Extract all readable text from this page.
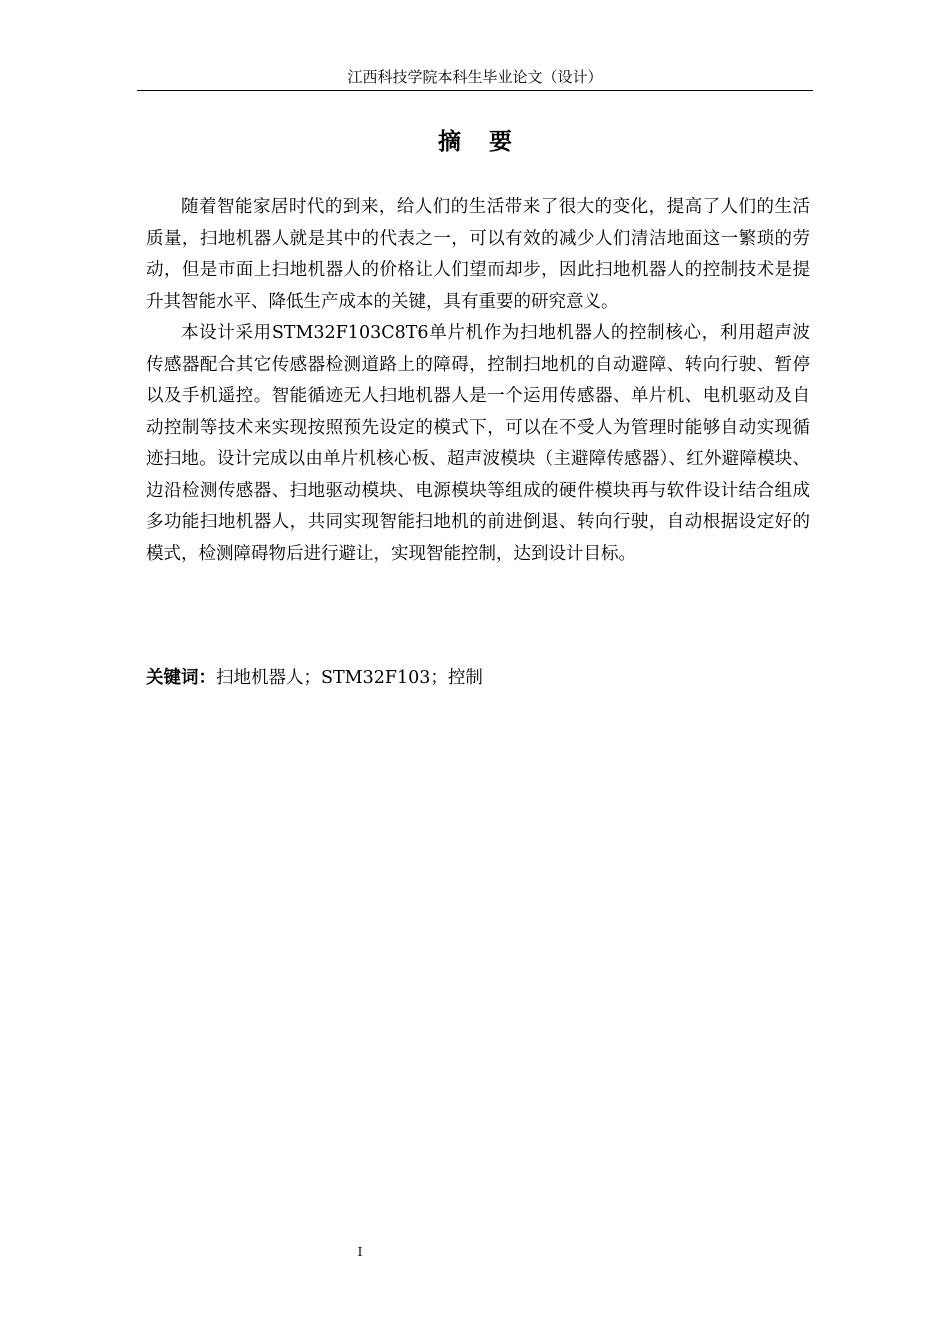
江西科技学院本科生毕业论文（设计）
摘要

随着智能家居时代的到来，给人们的生活带来了很大的变化，提高了人们的生活质量，扫地机器人就是其中的代表之一，可以有效的减少人们清洁地面这一繁琐的劳动，但是市面上扫地机器人的价格让人们望而却步，因此扫地机器人的控制技术是提升其智能水平、降低生产成本的关键，具有重要的研究意义。

本设计采用STM32F103C8T6单片机作为扫地机器人的控制核心，利用超声波传感器配合其它传感器检测道路上的障碍，控制扫地机的自动避障、转向行驶、暂停以及手机遥控。智能循迹无人扫地机器人是一个运用传感器、单片机、电机驱动及自动控制等技术来实现按照预先设定的模式下，可以在不受人为管理时能够自动实现循迹扫地。设计完成以由单片机核心板、超声波模块（主避障传感器）、红外避障模块、边沿检测传感器、扫地驱动模块、电源模块等组成的硬件模块再与软件设计结合组成多功能扫地机器人，共同实现智能扫地机的前进倒退、转向行驶，自动根据设定好的模式，检测障碍物后进行避让，实现智能控制，达到设计目标。

关键词：扫地机器人；STM32F103；控制
I
